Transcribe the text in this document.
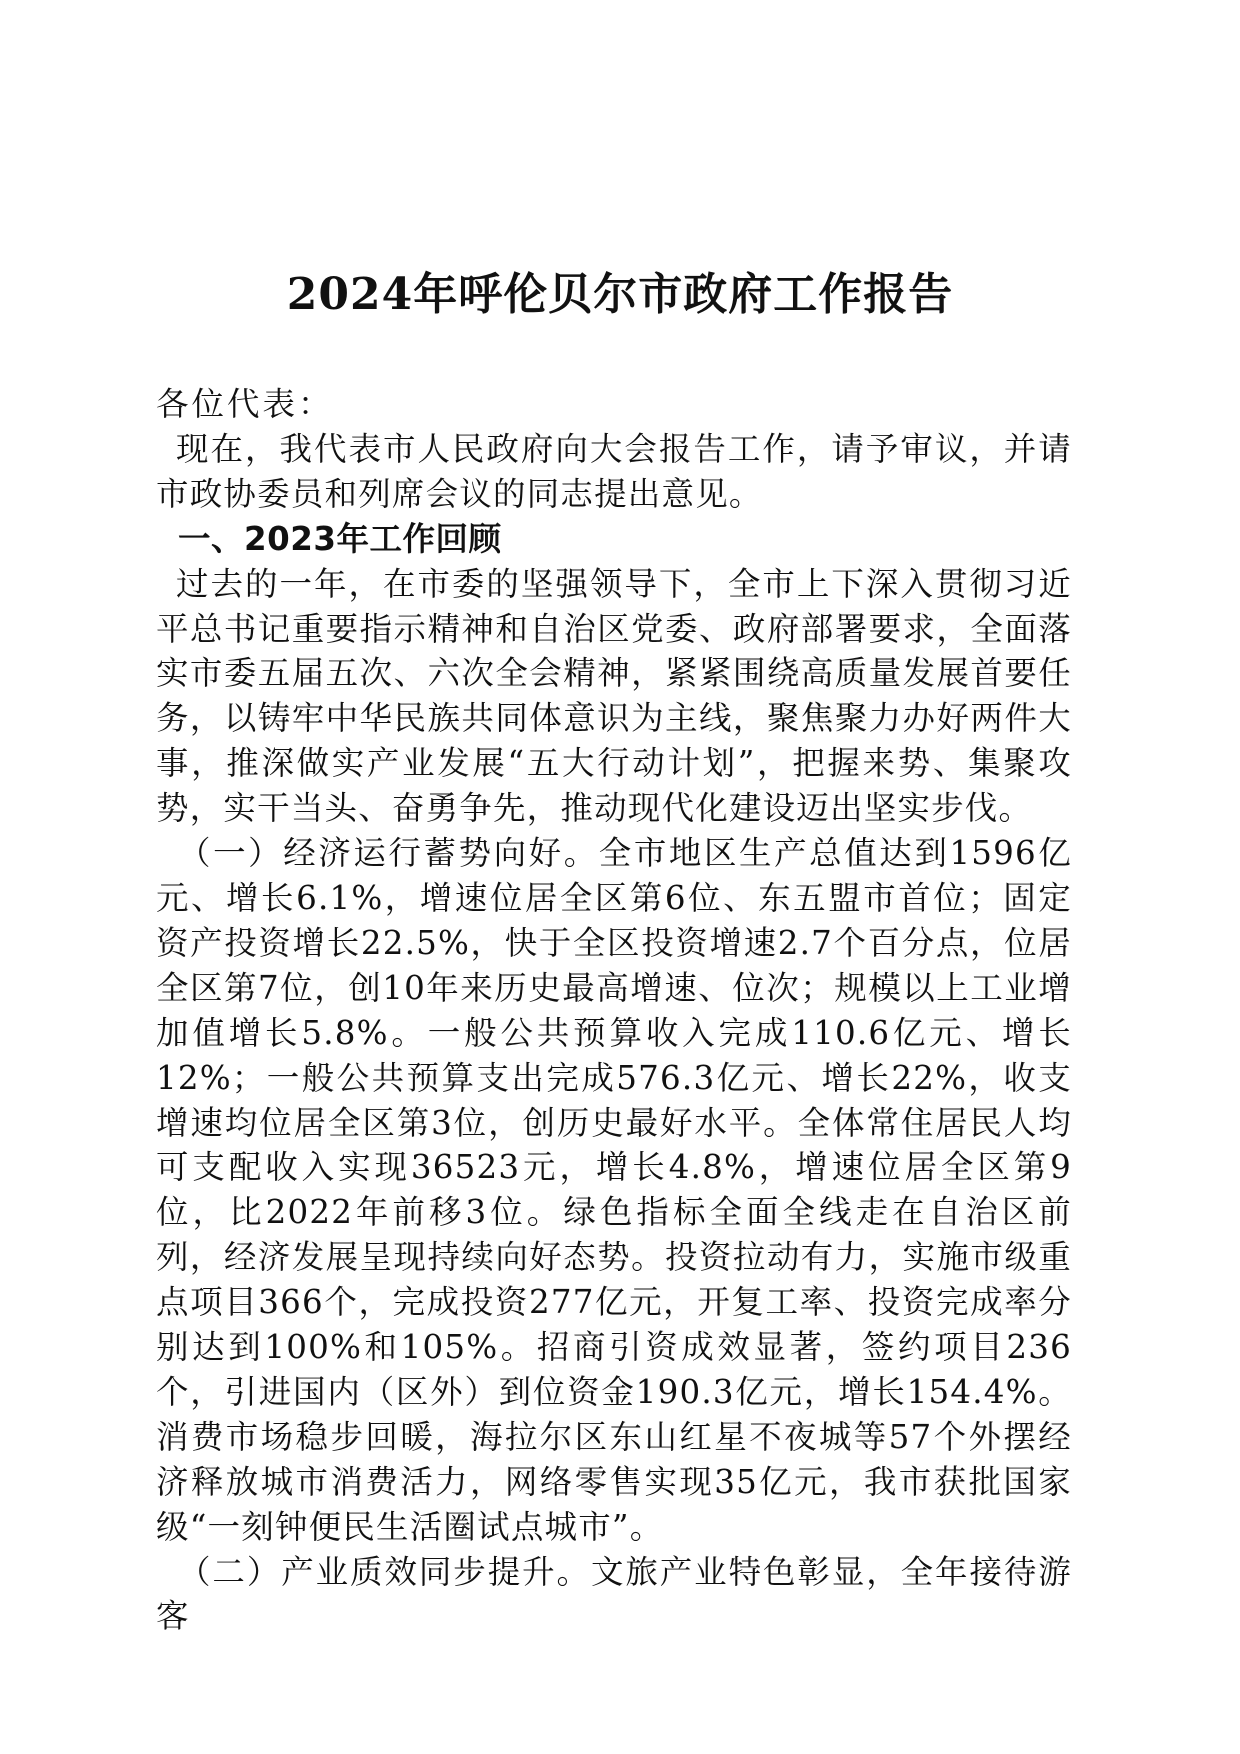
2024年呼伦贝尔市政府工作报告

各位代表：

现在，我代表市人民政府向大会报告工作，请予审议，并请市政协委员和列席会议的同志提出意见。

一、2023年工作回顾

过去的一年，在市委的坚强领导下，全市上下深入贯彻习近平总书记重要指示精神和自治区党委、政府部署要求，全面落实市委五届五次、六次全会精神，紧紧围绕高质量发展首要任务，以铸牢中华民族共同体意识为主线，聚焦聚力办好两件大事，推深做实产业发展“五大行动计划”，把握来势、集聚攻势，实干当头、奋勇争先，推动现代化建设迈出坚实步伐。

（一）经济运行蓄势向好。全市地区生产总值达到1596亿元、增长6.1%，增速位居全区第6位、东五盟市首位；固定资产投资增长22.5%，快于全区投资增速2.7个百分点，位居全区第7位，创10年来历史最高增速、位次；规模以上工业增加值增长5.8%。一般公共预算收入完成110.6亿元、增长12%；一般公共预算支出完成576.3亿元、增长22%，收支增速均位居全区第3位，创历史最好水平。全体常住居民人均可支配收入实现36523元，增长4.8%，增速位居全区第9位，比2022年前移3位。绿色指标全面全线走在自治区前列，经济发展呈现持续向好态势。投资拉动有力，实施市级重点项目366个，完成投资277亿元，开复工率、投资完成率分别达到100%和105%。招商引资成效显著，签约项目236个，引进国内（区外）到位资金190.3亿元，增长154.4%。消费市场稳步回暖，海拉尔区东山红星不夜城等57个外摆经济释放城市消费活力，网络零售实现35亿元，我市获批国家级“一刻钟便民生活圈试点城市”。

（二）产业质效同步提升。文旅产业特色彰显，全年接待游客
